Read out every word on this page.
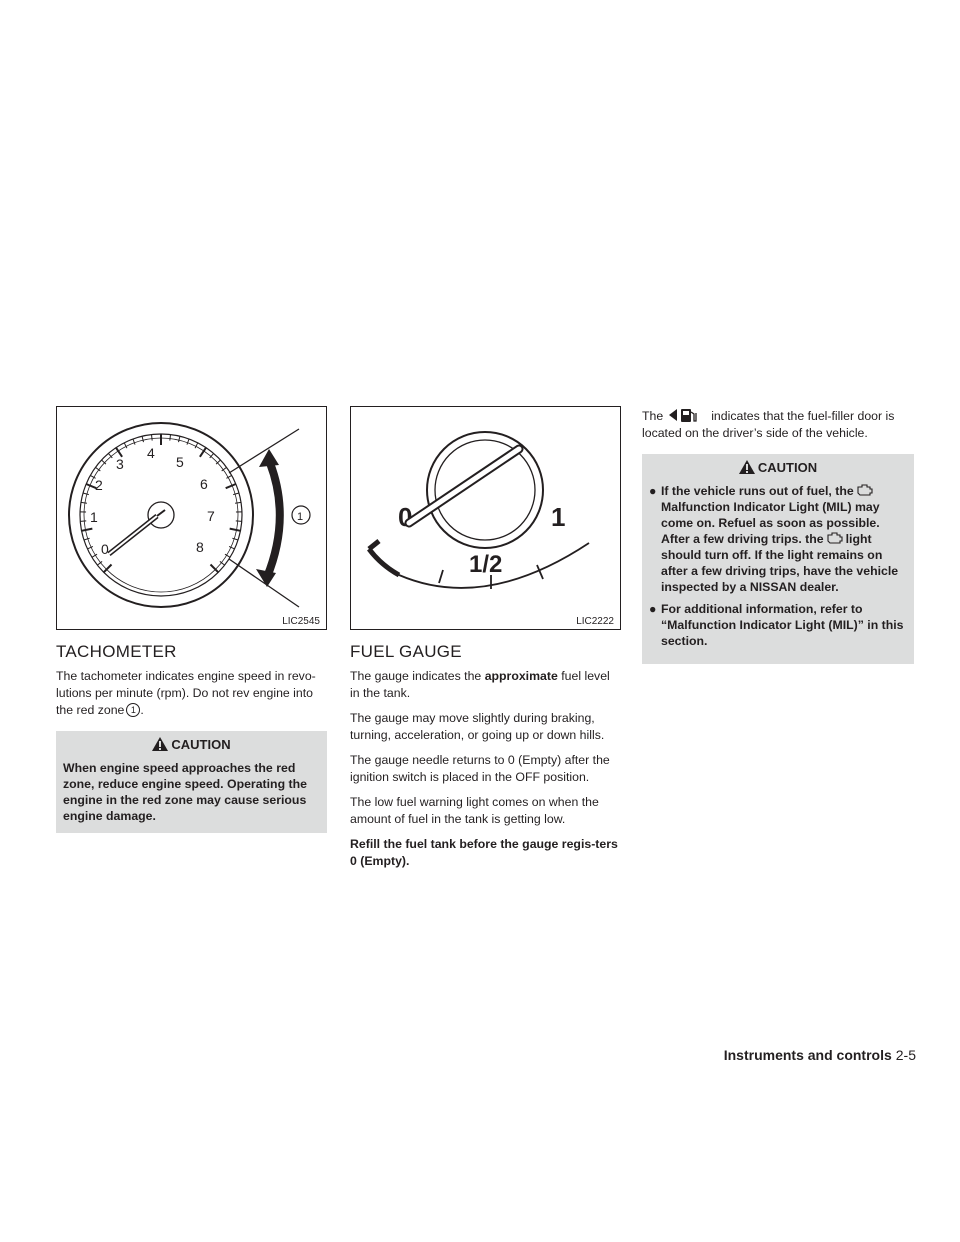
0
1
2
3
4
5
6
7
8
1
LIC2545
TACHOMETER

The tachometer indicates engine speed in revo-lutions per minute (rpm). Do not rev engine into the red zone 1 .

CAUTION
When engine speed approaches the red zone, reduce engine speed. Operating the engine in the red zone may cause serious engine damage.
0
1/2
1
LIC2222
FUEL GAUGE

The gauge indicates the approximate fuel level in the tank.

The gauge may move slightly during braking, turning, acceleration, or going up or down hills.

The gauge needle returns to 0 (Empty) after the ignition switch is placed in the OFF position.

The low fuel warning light comes on when the amount of fuel in the tank is getting low.

Refill the fuel tank before the gauge regis-ters 0 (Empty).

The	indicates that the fuel-filler door is located on the driver’s side of the vehicle.

CAUTION
● If the vehicle runs out of fuel, theMalfunction Indicator Light (MIL) may come on. Refuel as soon as possible. After a few driving trips. the light should turn off. If the light remains on after a few driving trips, have the vehicle inspected by a NISSAN dealer.
● For additional information, refer to “Malfunction Indicator Light (MIL)” in this section.
Instruments and controls 2-5
